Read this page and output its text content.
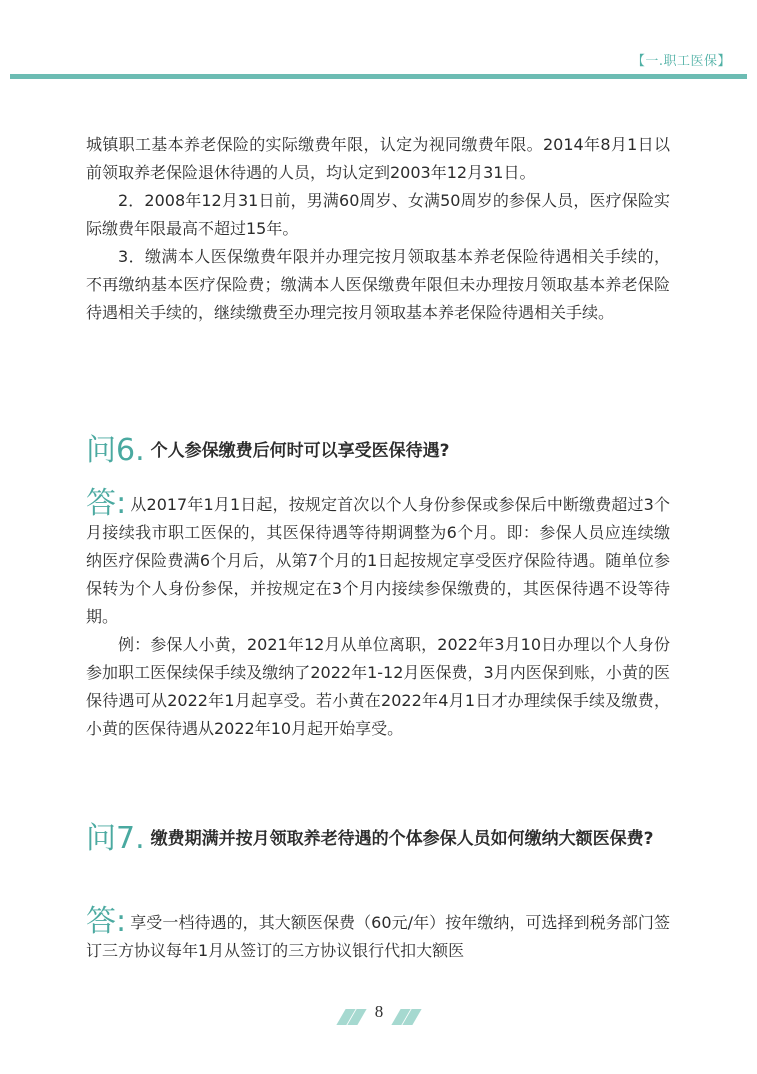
【一.职工医保】

城镇职工基本养老保险的实际缴费年限，认定为视同缴费年限。2014年8月1日以前领取养老保险退休待遇的人员，均认定到2003年12月31日。

2．2008年12月31日前，男满60周岁、女满50周岁的参保人员，医疗保险实际缴费年限最高不超过15年。

3．缴满本人医保缴费年限并办理完按月领取基本养老保险待遇相关手续的，不再缴纳基本医疗保险费；缴满本人医保缴费年限但未办理按月领取基本养老保险待遇相关手续的，继续缴费至办理完按月领取基本养老保险待遇相关手续。

问6. 个人参保缴费后何时可以享受医保待遇?

答: 从2017年1月1日起，按规定首次以个人身份参保或参保后中断缴费超过3个月接续我市职工医保的，其医保待遇等待期调整为6个月。即：参保人员应连续缴纳医疗保险费满6个月后，从第7个月的1日起按规定享受医疗保险待遇。随单位参保转为个人身份参保，并按规定在3个月内接续参保缴费的，其医保待遇不设等待期。

例：参保人小黄，2021年12月从单位离职，2022年3月10日办理以个人身份参加职工医保续保手续及缴纳了2022年1-12月医保费，3月内医保到账，小黄的医保待遇可从2022年1月起享受。若小黄在2022年4月1日才办理续保手续及缴费，小黄的医保待遇从2022年10月起开始享受。

问7. 缴费期满并按月领取养老待遇的个体参保人员如何缴纳大额医保费?

答: 享受一档待遇的，其大额医保费（60元/年）按年缴纳，可选择到税务部门签订三方协议每年1月从签订的三方协议银行代扣大额医

8
